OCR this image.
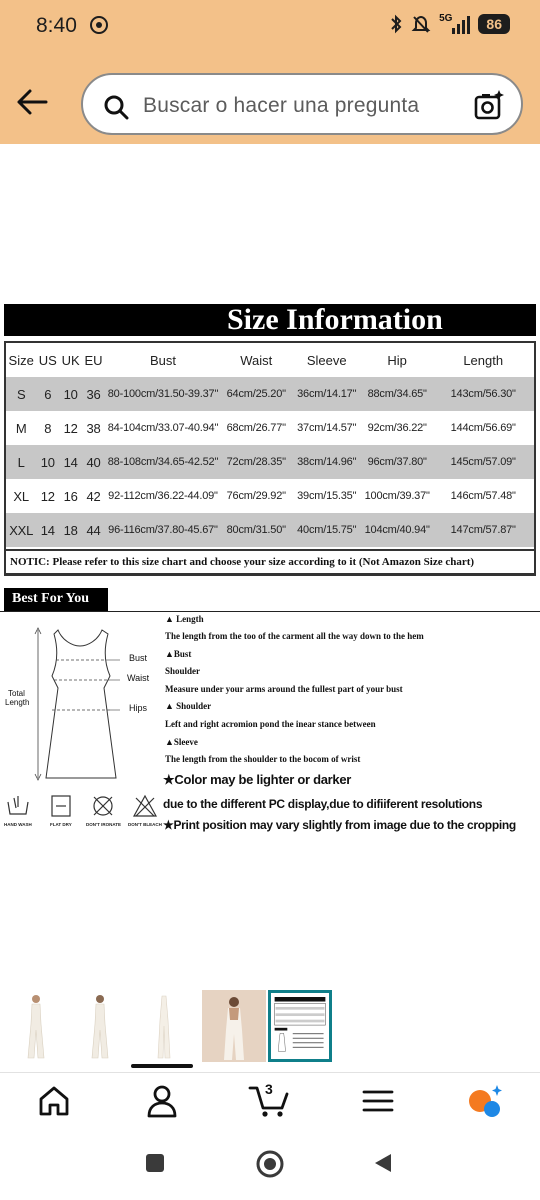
8:40	5G	86
Buscar o hacer una pregunta
Size Information
Size	US	UK	EU	Bust	Waist	Sleeve	Hip	Length
S	6	10	36	80-100cm/31.50-39.37"	64cm/25.20"	36cm/14.17"	88cm/34.65"	143cm/56.30"
M	8	12	38	84-104cm/33.07-40.94"	68cm/26.77"	37cm/14.57"	92cm/36.22"	144cm/56.69"
L	10	14	40	88-108cm/34.65-42.52"	72cm/28.35"	38cm/14.96"	96cm/37.80"	145cm/57.09"
XL	12	16	42	92-112cm/36.22-44.09"	76cm/29.92"	39cm/15.35"	100cm/39.37"	146cm/57.48"
XXL	14	18	44	96-116cm/37.80-45.67"	80cm/31.50"	40cm/15.75"	104cm/40.94"	147cm/57.87"
NOTIC: Please refer to this size chart and choose your size according to it (Not Amazon Size chart)
Best For You
Bust
Waist
Hips
Total
Length
HAND WASH	FLAT DRY	DON'T IRONATE DON'T BLEACH
▲ Length
The length from the too of the carment all the way down to the hem
▲Bust
Shoulder
Measure under your arms around the fullest part of your bust
▲ Shoulder
Left and right acromion pond the inear stance between
▲Sleeve
The length from the shoulder to the bocom of wrist
★Color may be lighter or darker
due to the different PC display,due to difiiferent resolutions
★Print position may vary slightly from image due to the cropping
3
